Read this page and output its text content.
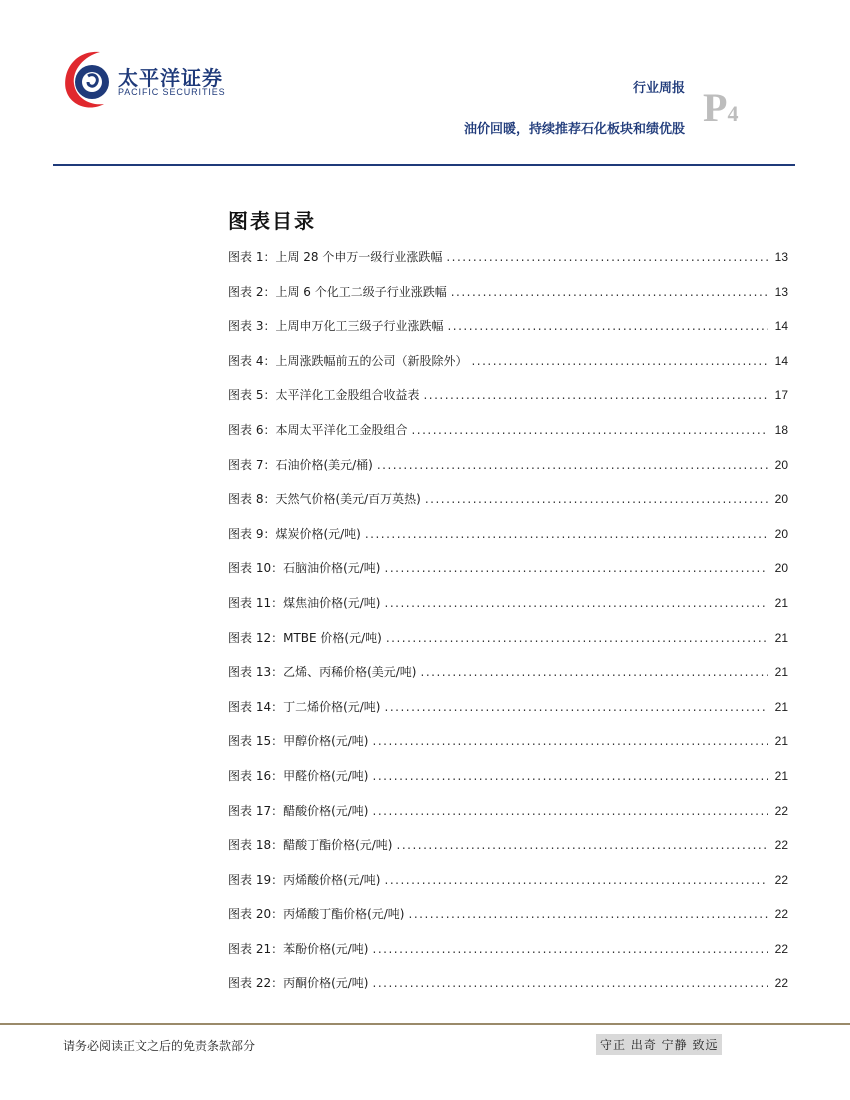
太平洋证券
PACIFIC SECURITIES	行业周报
油价回暖，持续推荐石化板块和绩优股 P4
图表目录
图表 1：上周 28 个申万一级行业涨跌幅 .....	13
图表 2：上周 6 个化工二级子行业涨跌幅 .....	13
图表 3：上周申万化工三级子行业涨跌幅 .....	14
图表 4：上周涨跌幅前五的公司（新股除外） .....	14
图表 5：太平洋化工金股组合收益表 .....	17
图表 6：本周太平洋化工金股组合 .....	18
图表 7：石油价格(美元/桶) .....	20
图表 8：天然气价格(美元/百万英热) .....	20
图表 9：煤炭价格(元/吨) .....	20
图表 10：石脑油价格(元/吨) .....	20
图表 11：煤焦油价格(元/吨) .....	21
图表 12：MTBE 价格(元/吨) .....	21
图表 13：乙烯、丙稀价格(美元/吨) .....	21
图表 14：丁二烯价格(元/吨) .....	21
图表 15：甲醇价格(元/吨) .....	21
图表 16：甲醛价格(元/吨) .....	21
图表 17：醋酸价格(元/吨) .....	22
图表 18：醋酸丁酯价格(元/吨) .....	22
图表 19：丙烯酸价格(元/吨) .....	22
图表 20：丙烯酸丁酯价格(元/吨) .....	22
图表 21：苯酚价格(元/吨) .....	22
图表 22：丙酮价格(元/吨) .....	22
请务必阅读正文之后的免责条款部分	守正 出奇 宁静 致远
